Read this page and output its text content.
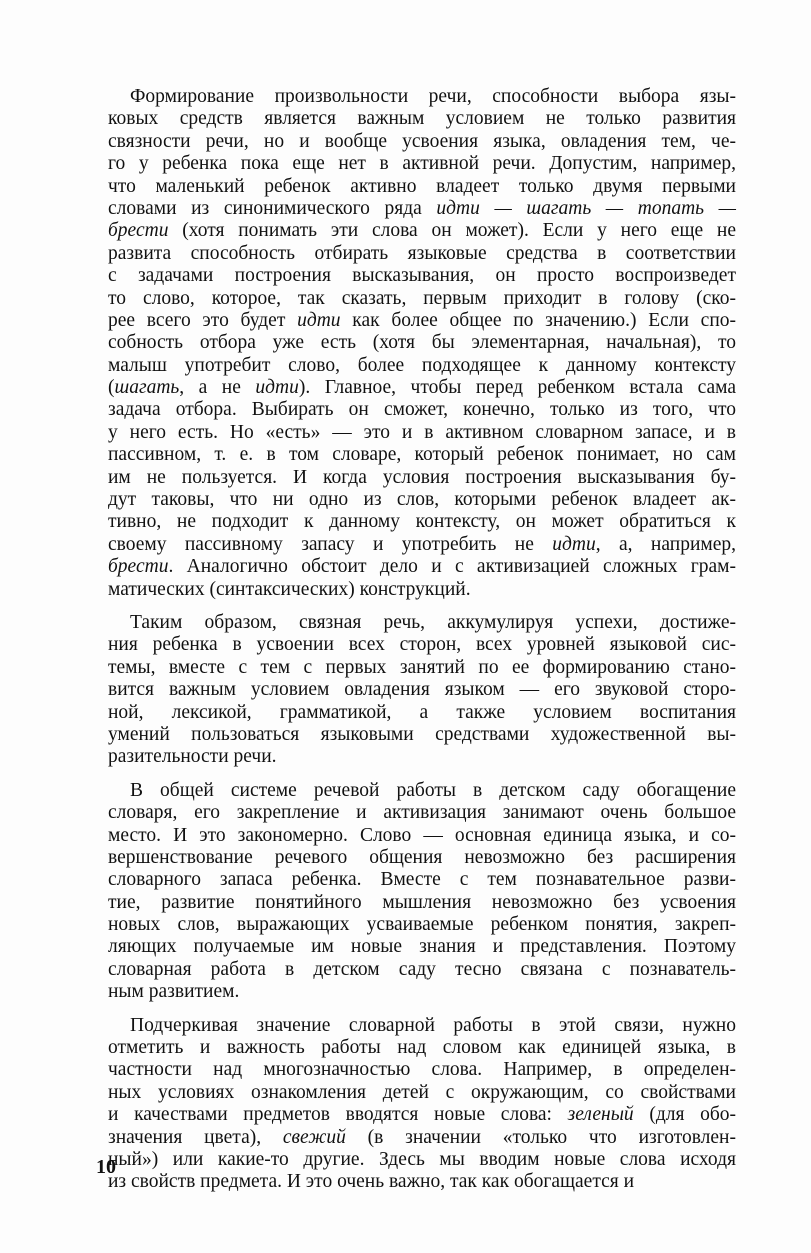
Формирование произвольности речи, способности выбора язы-
ковых средств является важным условием не только развития
связности речи, но и вообще усвоения языка, овладения тем, че-
го у ребенка пока еще нет в активной речи. Допустим, например,
что маленький ребенок активно владеет только двумя первыми
словами из синонимического ряда идти — шагать — топать —
брести (хотя понимать эти слова он может). Если у него еще не
развита способность отбирать языковые средства в соответствии
с задачами построения высказывания, он просто воспроизведет
то слово, которое, так сказать, первым приходит в голову (ско-
рее всего это будет идти как более общее по значению.) Если спо-
собность отбора уже есть (хотя бы элементарная, начальная), то
малыш употребит слово, более подходящее к данному контексту
(шагать, а не идти). Главное, чтобы перед ребенком встала сама
задача отбора. Выбирать он сможет, конечно, только из того, что
у него есть. Но «есть» — это и в активном словарном запасе, и в
пассивном, т. е. в том словаре, который ребенок понимает, но сам
им не пользуется. И когда условия построения высказывания бу-
дут таковы, что ни одно из слов, которыми ребенок владеет ак-
тивно, не подходит к данному контексту, он может обратиться к
своему пассивному запасу и употребить не идти, а, например,
брести. Аналогично обстоит дело и с активизацией сложных грам-
матических (синтаксических) конструкций.
Таким образом, связная речь, аккумулируя успехи, достиже-
ния ребенка в усвоении всех сторон, всех уровней языковой сис-
темы, вместе с тем с первых занятий по ее формированию стано-
вится важным условием овладения языком — его звуковой сторо-
ной, лексикой, грамматикой, а также условием воспитания
умений пользоваться языковыми средствами художественной вы-
разительности речи.
В общей системе речевой работы в детском саду обогащение
словаря, его закрепление и активизация занимают очень большое
место. И это закономерно. Слово — основная единица языка, и со-
вершенствование речевого общения невозможно без расширения
словарного запаса ребенка. Вместе с тем познавательное разви-
тие, развитие понятийного мышления невозможно без усвоения
новых слов, выражающих усваиваемые ребенком понятия, закреп-
ляющих получаемые им новые знания и представления. Поэтому
словарная работа в детском саду тесно связана с познаватель-
ным развитием.
Подчеркивая значение словарной работы в этой связи, нужно
отметить и важность работы над словом как единицей языка, в
частности над многозначностью слова. Например, в определен-
ных условиях ознакомления детей с окружающим, со свойствами
и качествами предметов вводятся новые слова: зеленый (для обо-
значения цвета), свежий (в значении «только что изготовлен-
ный») или какие-то другие. Здесь мы вводим новые слова исходя
из свойств предмета. И это очень важно, так как обогащается и
10
